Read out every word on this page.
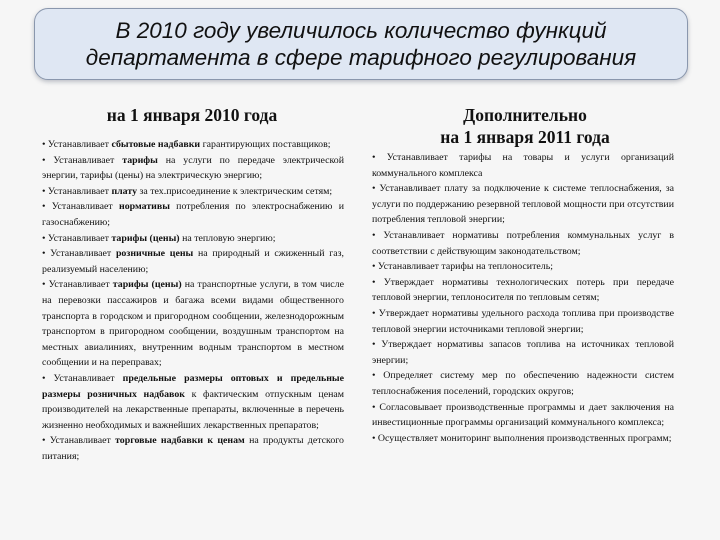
В 2010 году увеличилось количество функций
департамента в сфере тарифного регулирования
на 1 января 2010 года	Дополнительно
на 1 января 2011 года

• Устанавливает сбытовые надбавки гарантирующих поставщиков;

• Устанавливает тарифы на услуги по передаче электрической энергии, тарифы (цены) на электрическую энергию;

• Устанавливает плату за тех.присоединение к электрическим сетям;

• Устанавливает нормативы потребления по электроснабжению и газоснабжению;

• Устанавливает тарифы (цены) на тепловую энергию;

• Устанавливает розничные цены на природный и сжиженный газ, реализуемый населению;

• Устанавливает тарифы (цены) на транспортные услуги, в том числе на перевозки пассажиров и багажа всеми видами общественного транспорта в городском и пригородном сообщении, железнодорожным транспортом в пригородном сообщении, воздушным транспортом на местных авиалиниях, внутренним водным транспортом в местном сообщении и на переправах;

• Устанавливает предельные размеры оптовых и предельные размеры розничных надбавок к фактическим отпускным ценам производителей на лекарственные препараты, включенные в перечень жизненно необходимых и важнейших лекарственных препаратов;

• Устанавливает торговые надбавки к ценам на продукты детского питания;

• Устанавливает тарифы на товары и услуги организаций коммунального комплекса

• Устанавливает плату за подключение к системе теплоснабжения, за услуги по поддержанию резервной тепловой мощности при отсутствии потребления тепловой энергии;

• Устанавливает нормативы потребления коммунальных услуг в соответствии с действующим законодательством;

• Устанавливает тарифы на теплоноситель;

• Утверждает нормативы технологических потерь при передаче тепловой энергии, теплоносителя по тепловым сетям;

• Утверждает нормативы удельного расхода топлива при производстве тепловой энергии источниками тепловой энергии;

• Утверждает нормативы запасов топлива на источниках тепловой энергии;

• Определяет систему мер по обеспечению надежности систем теплоснабжения поселений, городских округов;

• Согласовывает производственные программы и дает заключения на инвестиционные программы организаций коммунального комплекса;

• Осуществляет мониторинг выполнения производственных программ;
